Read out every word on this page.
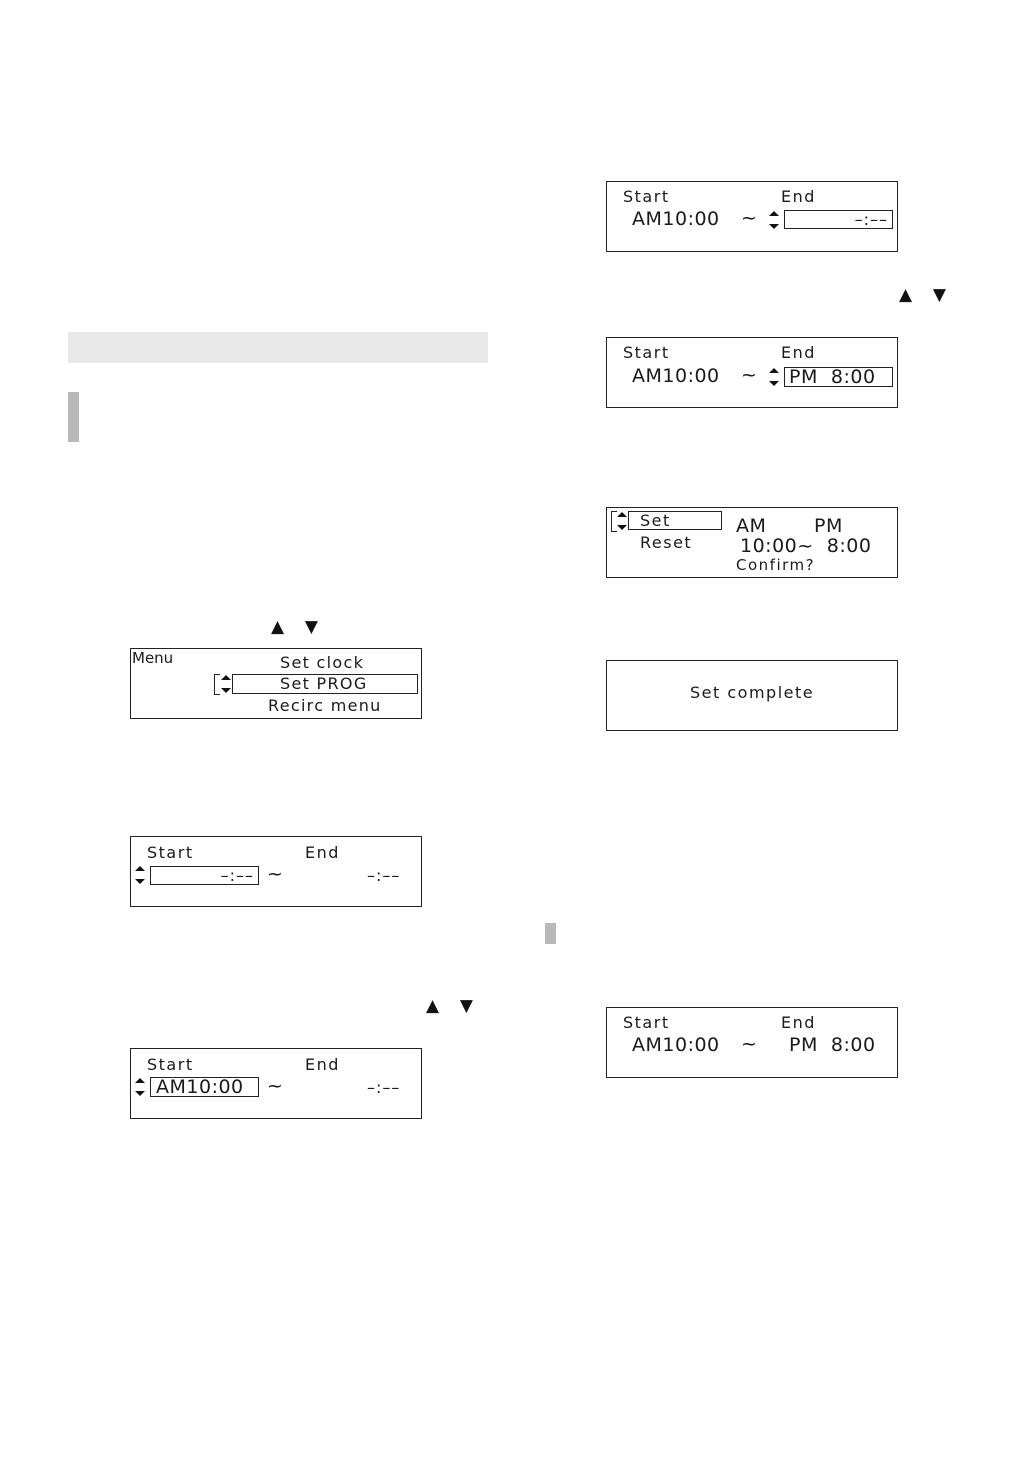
▲ ▼
▲ ▼
▲ ▼
Menu	Set clock
Set PROG
Recirc menu
Start	End
–:–– ~	–:––
Start	End
AM10:00 ~	–:––
Start	End
AM10:00 ~	–:––
Start	End
AM10:00 ~ PM  8:00
Set
Reset
AM	PM
10:00~  8:00
Confirm?
Set complete
Start	End
AM10:00 ~ PM  8:00
